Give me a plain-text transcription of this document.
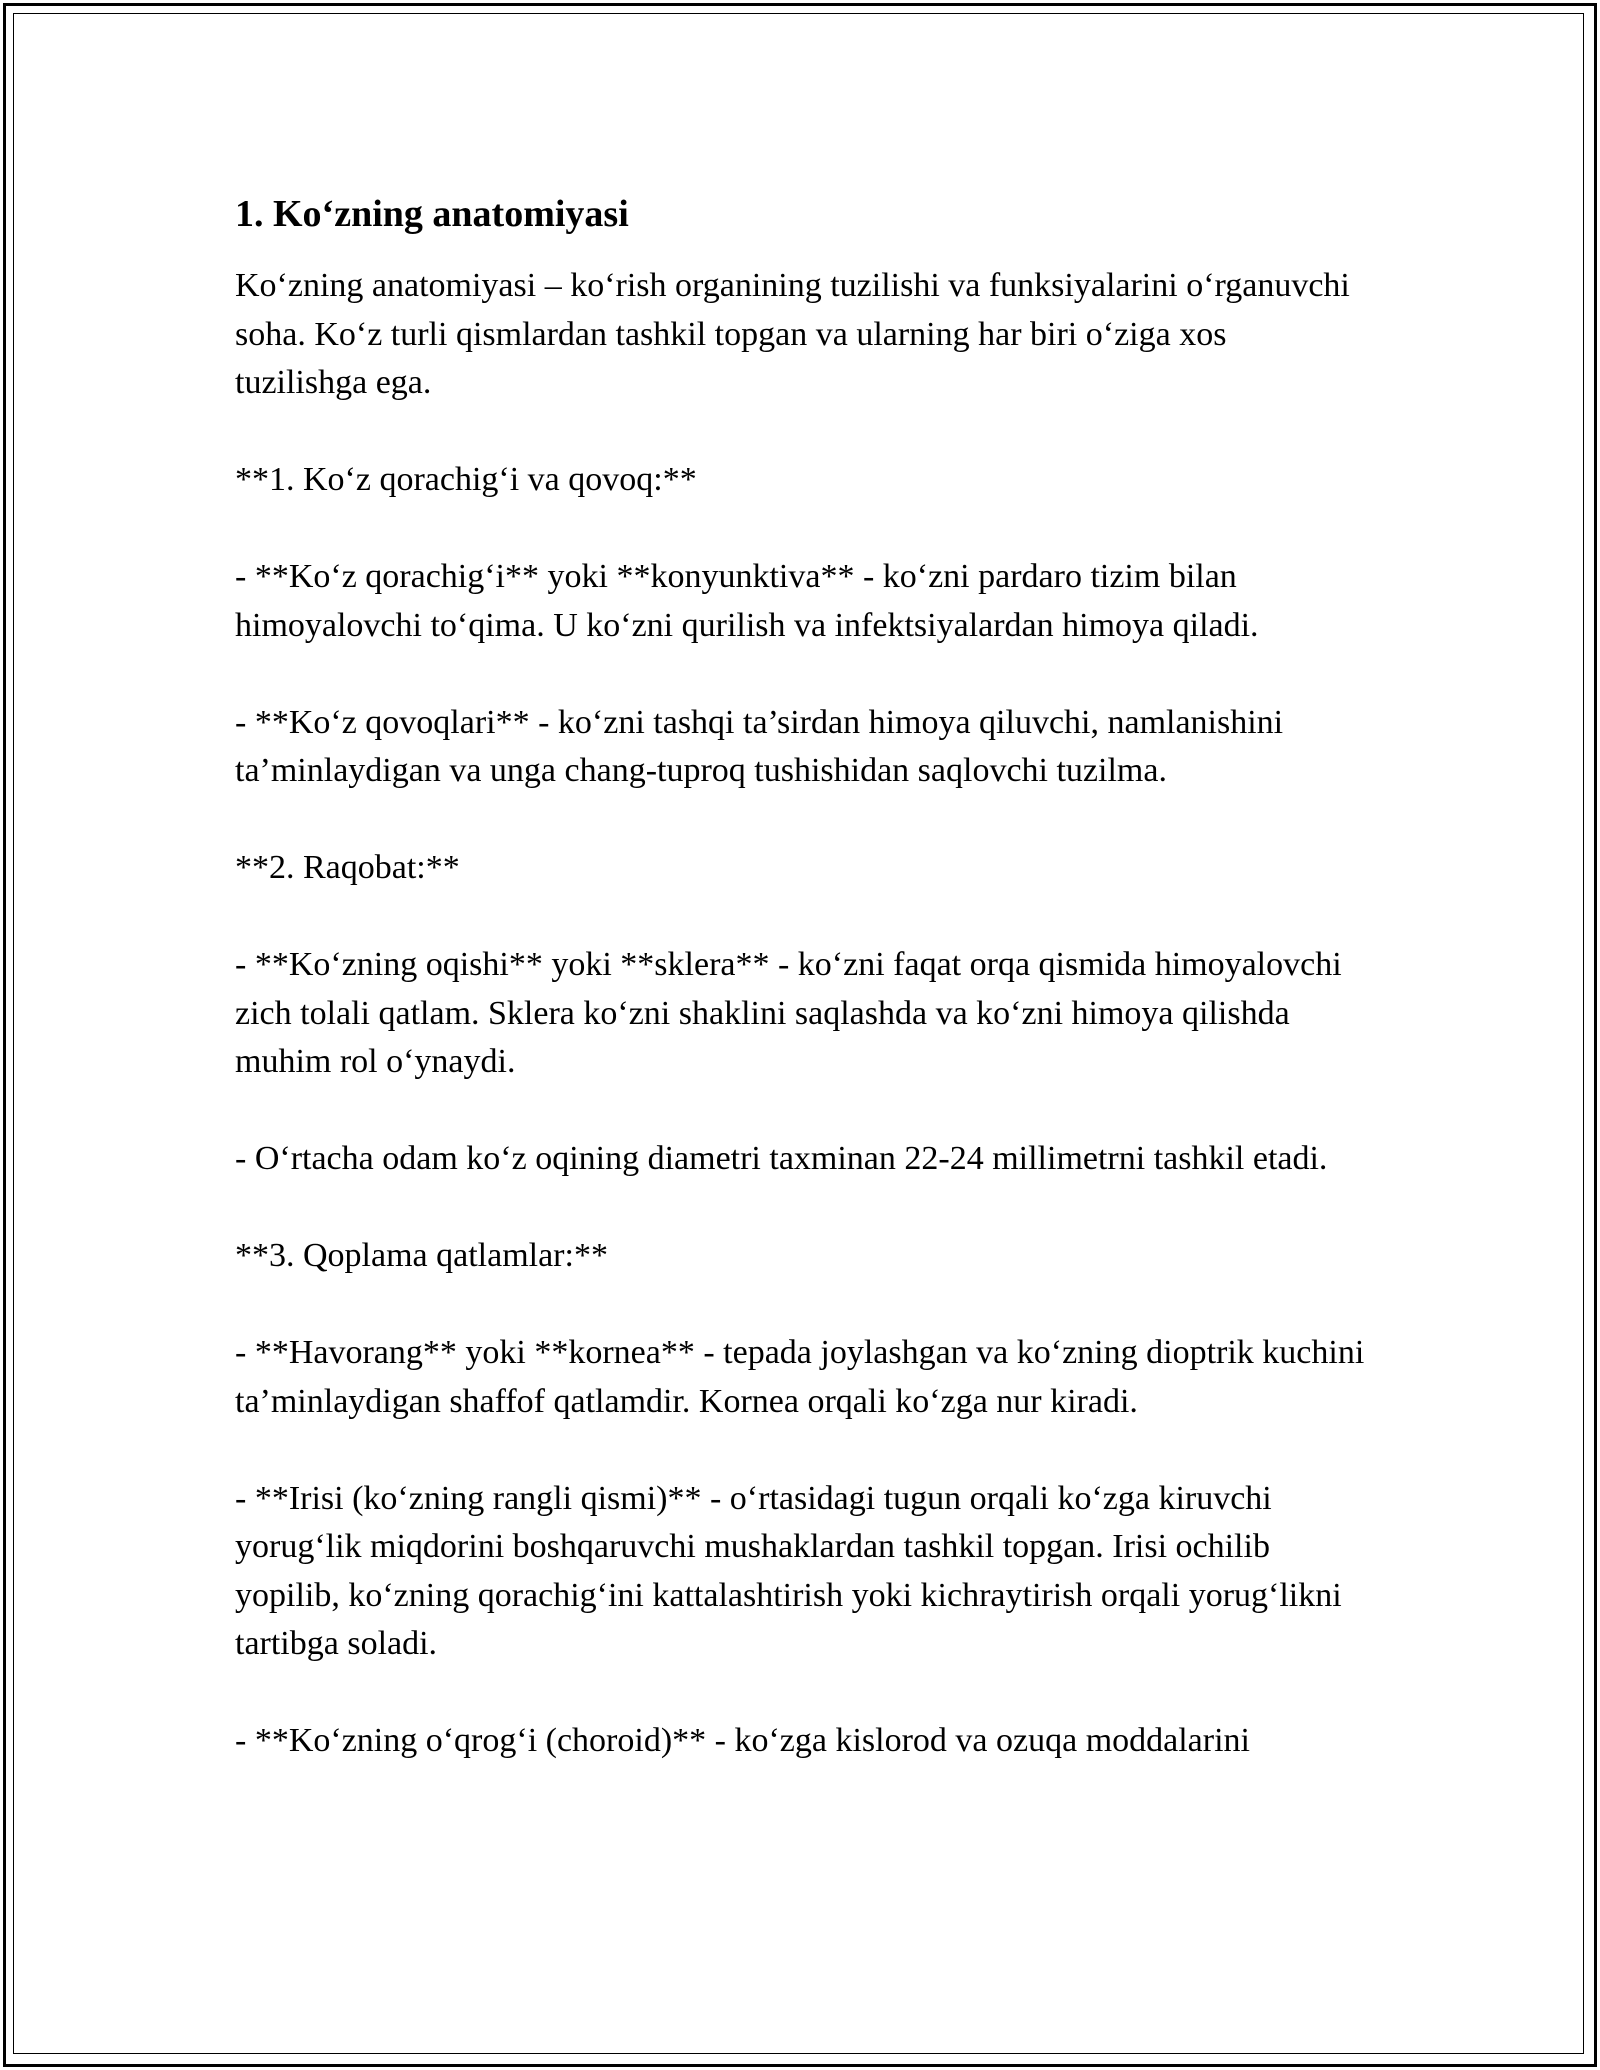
1. Ko‘zning anatomiyasi

Ko‘zning anatomiyasi – ko‘rish organining tuzilishi va funksiyalarini o‘rganuvchi soha. Ko‘z turli qismlardan tashkil topgan va ularning har biri o‘ziga xos tuzilishga ega.

**1. Ko‘z qorachig‘i va qovoq:**

- **Ko‘z qorachig‘i** yoki **konyunktiva** - ko‘zni pardaro tizim bilan himoyalovchi to‘qima. U ko‘zni qurilish va infektsiyalardan himoya qiladi.

- **Ko‘z qovoqlari** - ko‘zni tashqi ta’sirdan himoya qiluvchi, namlanishini ta’minlaydigan va unga chang-tuproq tushishidan saqlovchi tuzilma.

**2. Raqobat:**

- **Ko‘zning oqishi** yoki **sklera** - ko‘zni faqat orqa qismida himoyalovchi zich tolali qatlam. Sklera ko‘zni shaklini saqlashda va ko‘zni himoya qilishda muhim rol o‘ynaydi.

- O‘rtacha odam ko‘z oqining diametri taxminan 22-24 millimetrni tashkil etadi.

**3. Qoplama qatlamlar:**

- **Havorang** yoki **kornea** - tepada joylashgan va ko‘zning dioptrik kuchini ta’minlaydigan shaffof qatlamdir. Kornea orqali ko‘zga nur kiradi.

- **Irisi (ko‘zning rangli qismi)** - o‘rtasidagi tugun orqali ko‘zga kiruvchi yorug‘lik miqdorini boshqaruvchi mushaklardan tashkil topgan. Irisi ochilib yopilib, ko‘zning qorachig‘ini kattalashtirish yoki kichraytirish orqali yorug‘likni tartibga soladi.

- **Ko‘zning o‘qrog‘i (choroid)** - ko‘zga kislorod va ozuqa moddalarini
